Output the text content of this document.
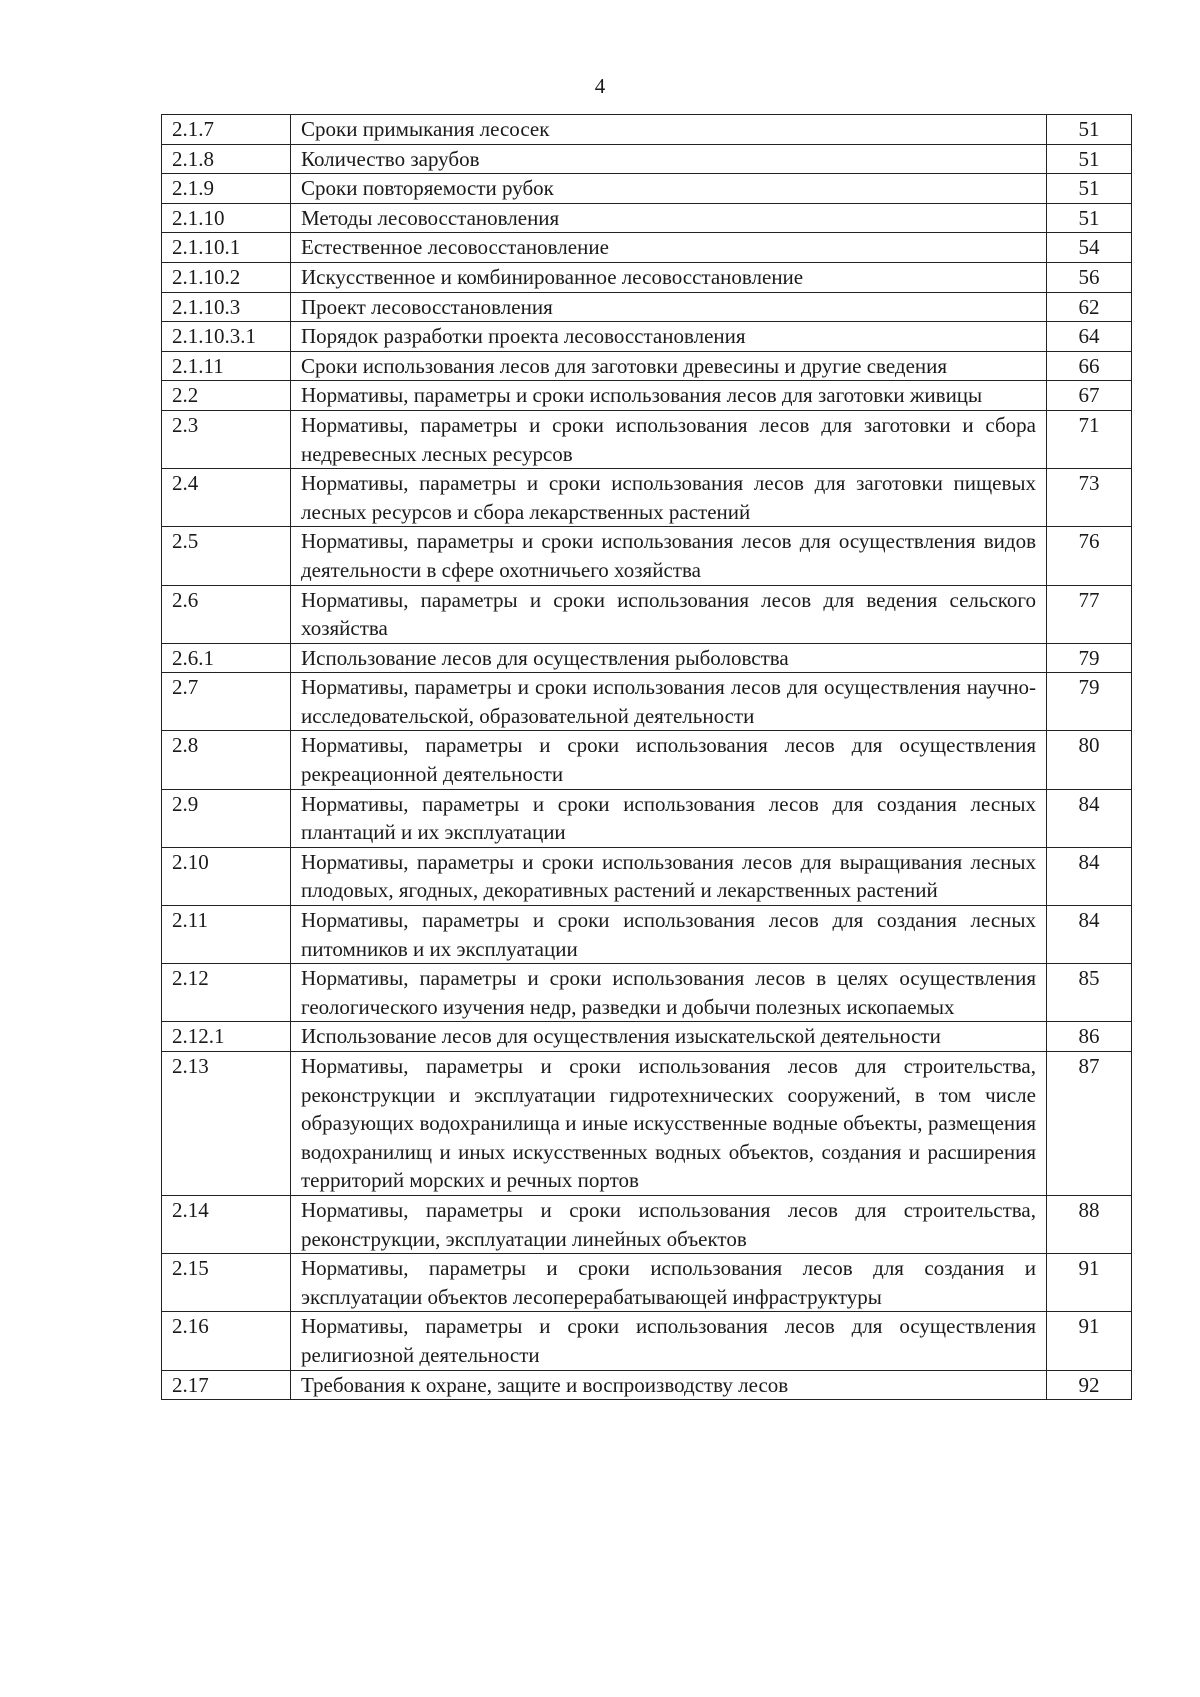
4
2.1.7	Сроки примыкания лесосек	51
2.1.8	Количество зарубов	51
2.1.9	Сроки повторяемости рубок	51
2.1.10	Методы лесовосстановления	51
2.1.10.1	Естественное лесовосстановление	54
2.1.10.2	Искусственное и комбинированное лесовосстановление	56
2.1.10.3	Проект лесовосстановления	62
2.1.10.3.1	Порядок разработки проекта лесовосстановления	64
2.1.11	Сроки использования лесов для заготовки древесины и другие сведения	66
2.2	Нормативы, параметры и сроки использования лесов для заготовки живицы	67
2.3	Нормативы, параметры и сроки использования лесов для заготовки и сбора недревесных лесных ресурсов	71
2.4	Нормативы, параметры и сроки использования лесов для заготовки пищевых лесных ресурсов и сбора лекарственных растений	73
2.5	Нормативы, параметры и сроки использования лесов для осуществления видов деятельности в сфере охотничьего хозяйства	76
2.6	Нормативы, параметры и сроки использования лесов для ведения сельского хозяйства	77
2.6.1	Использование лесов для осуществления рыболовства	79
2.7	Нормативы, параметры и сроки использования лесов для осуществления научно-исследовательской, образовательной деятельности	79
2.8	Нормативы, параметры и сроки использования лесов для осуществления рекреационной деятельности	80
2.9	Нормативы, параметры и сроки использования лесов для создания лесных плантаций и их эксплуатации	84
2.10	Нормативы, параметры и сроки использования лесов для выращивания лесных плодовых, ягодных, декоративных растений и лекарственных растений	84
2.11	Нормативы, параметры и сроки использования лесов для создания лесных питомников и их эксплуатации	84
2.12	Нормативы, параметры и сроки использования лесов в целях осуществления геологического изучения недр, разведки и добычи полезных ископаемых	85
2.12.1	Использование лесов для осуществления изыскательской деятельности	86
2.13	Нормативы, параметры и сроки использования лесов для строительства, реконструкции и эксплуатации гидротехнических сооружений, в том числе образующих водохранилища и иные искусственные водные объекты, размещения водохранилищ и иных искусственных водных объектов, создания и расширения территорий морских и речных портов	87
2.14	Нормативы, параметры и сроки использования лесов для строительства, реконструкции, эксплуатации линейных объектов	88
2.15	Нормативы, параметры и сроки использования лесов для создания и эксплуатации объектов лесоперерабатывающей инфраструктуры	91
2.16	Нормативы, параметры и сроки использования лесов для осуществления религиозной деятельности	91
2.17	Требования к охране, защите и воспроизводству лесов	92
